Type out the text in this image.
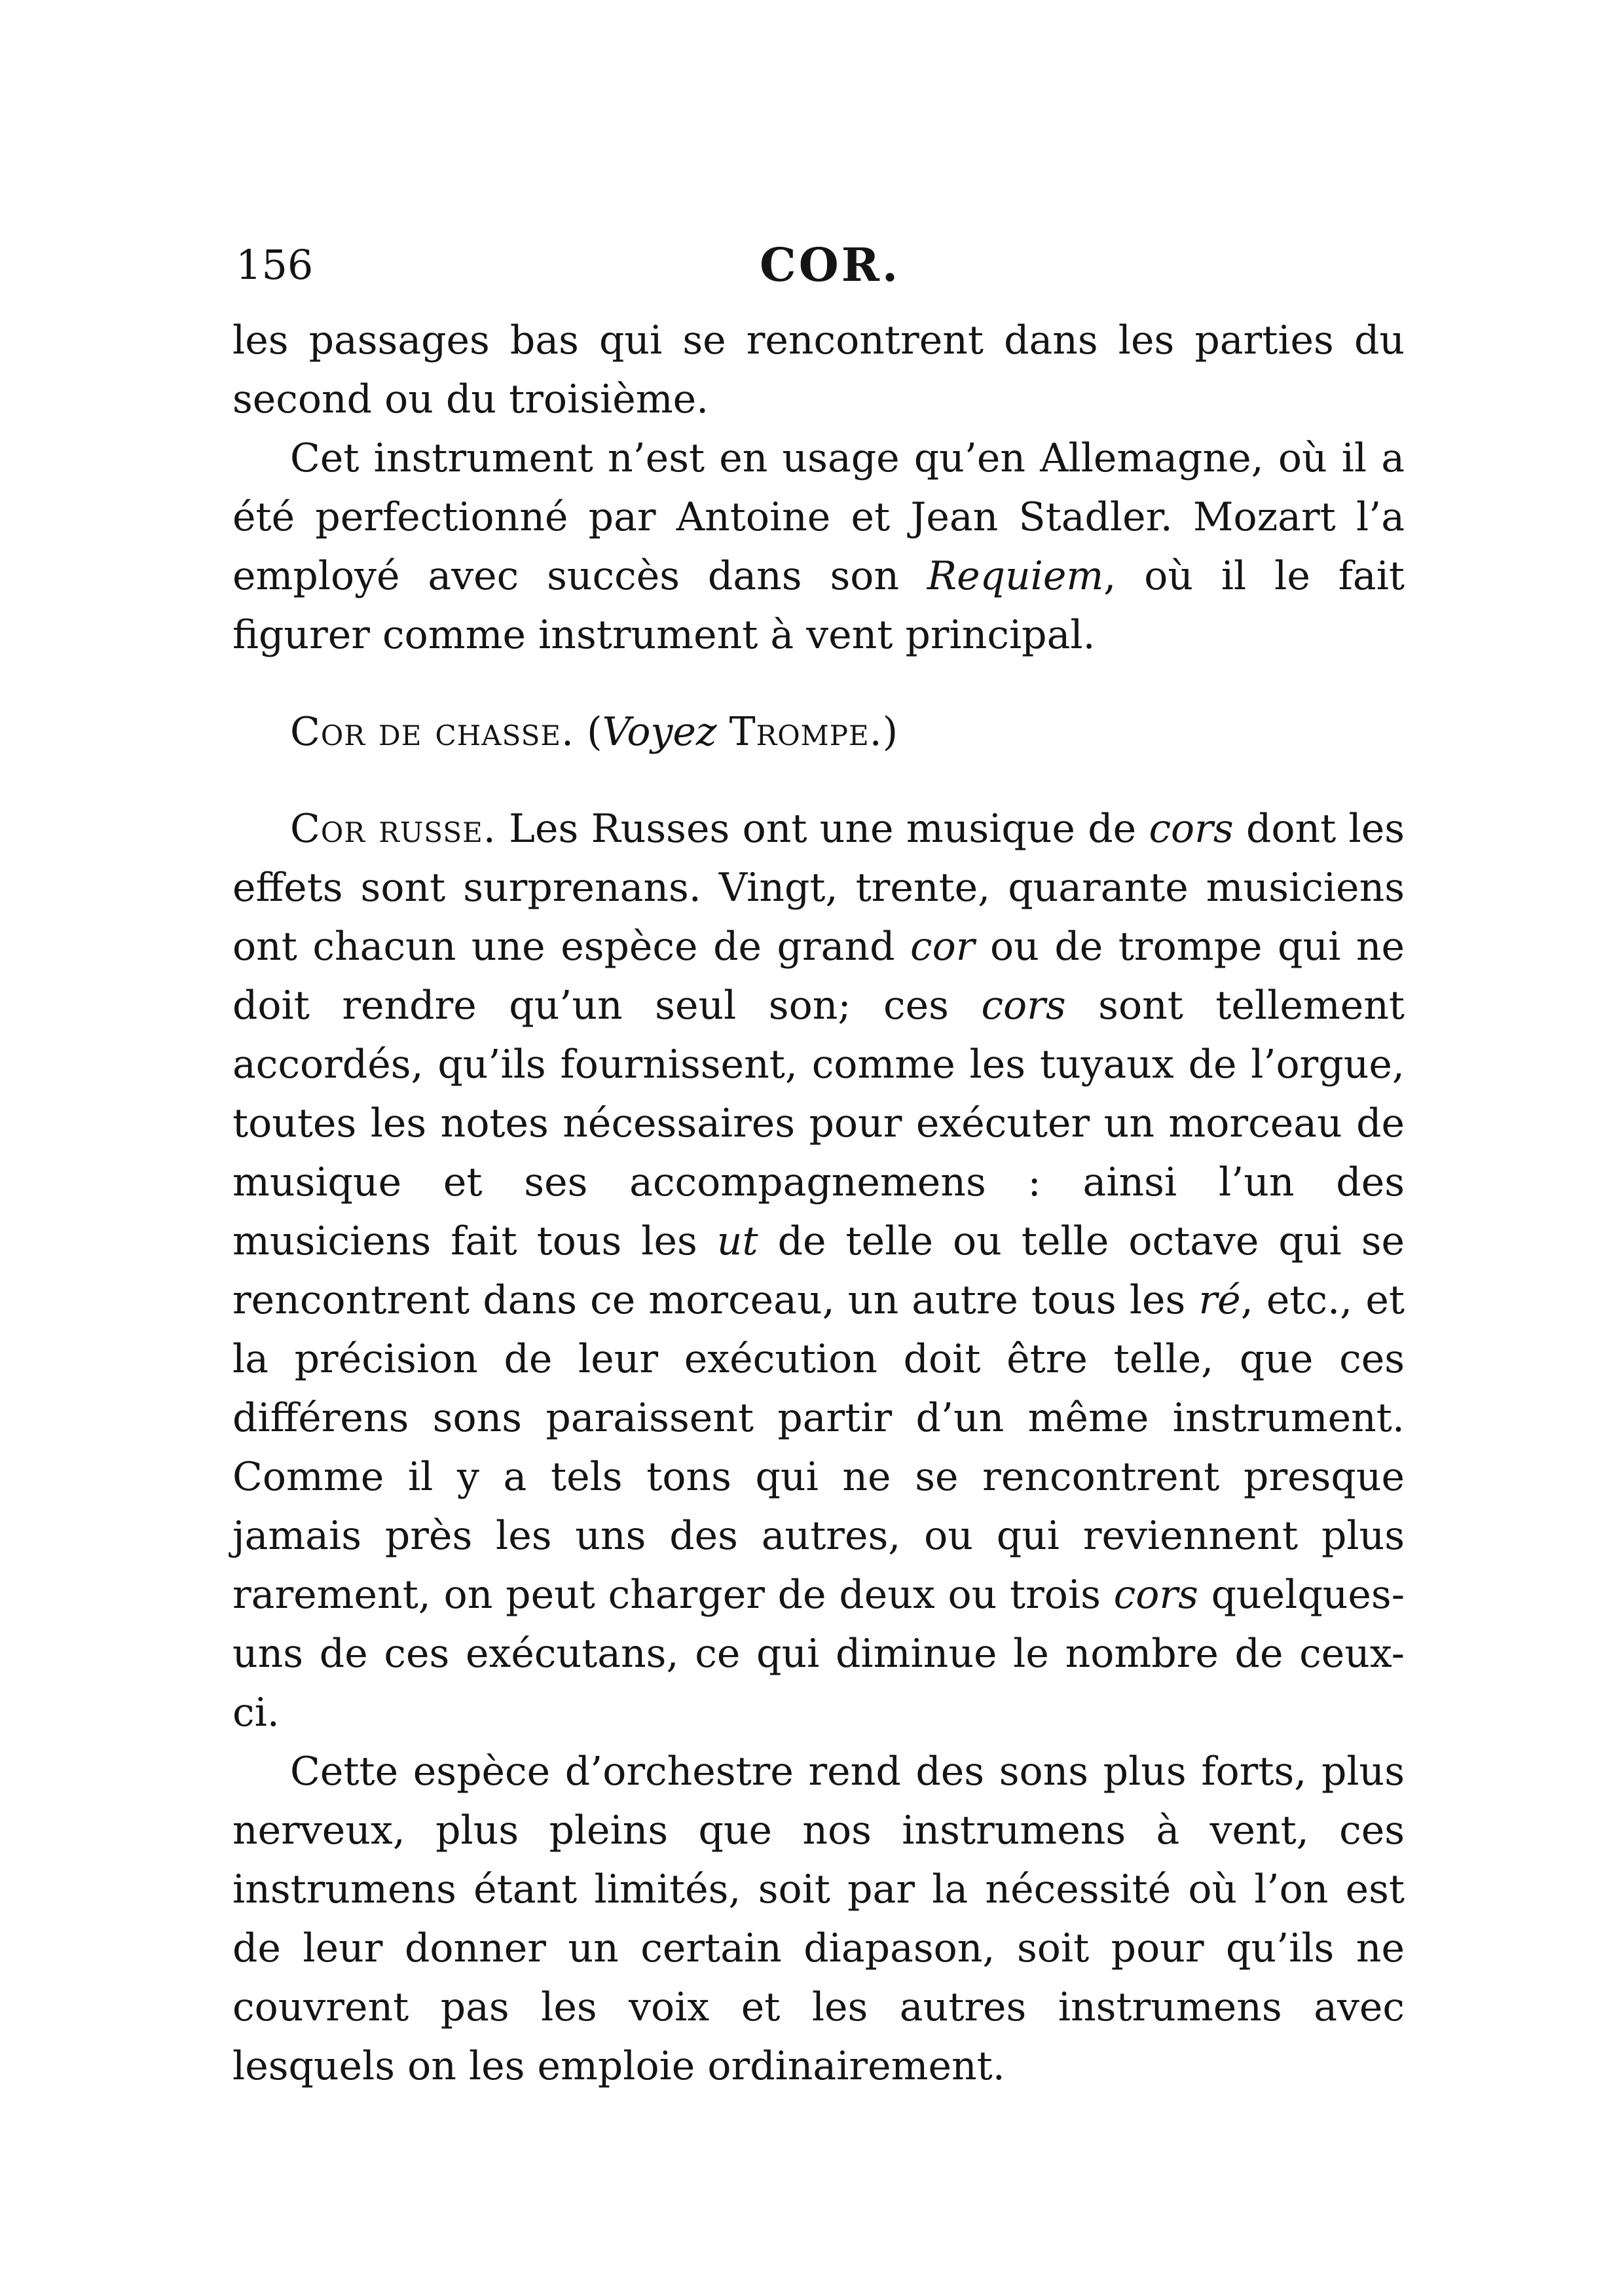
156	COR.

les passages bas qui se rencontrent dans les parties du second ou du troisième.

Cet instrument n’est en usage qu’en Allemagne, où il a été perfectionné par Antoine et Jean Stadler. Mozart l’a employé avec succès dans son Requiem, où il le fait figurer comme instrument à vent principal.

Cor de chasse. (Voyez Trompe.)

Cor russe. Les Russes ont une musique de cors dont les effets sont surprenans. Vingt, trente, quarante musiciens ont chacun une espèce de grand cor ou de trompe qui ne doit rendre qu’un seul son; ces cors sont tellement accordés, qu’ils fournissent, comme les tuyaux de l’orgue, toutes les notes nécessaires pour exécuter un morceau de musique et ses accompagnemens : ainsi l’un des musiciens fait tous les ut de telle ou telle octave qui se rencontrent dans ce morceau, un autre tous les ré, etc., et la précision de leur exécution doit être telle, que ces différens sons paraissent partir d’un même instrument. Comme il y a tels tons qui ne se rencontrent presque jamais près les uns des autres, ou qui reviennent plus rarement, on peut charger de deux ou trois cors quelques-uns de ces exécutans, ce qui diminue le nombre de ceux-ci.

Cette espèce d’orchestre rend des sons plus forts, plus nerveux, plus pleins que nos instrumens à vent, ces instrumens étant limités, soit par la nécessité où l’on est de leur donner un certain diapason, soit pour qu’ils ne couvrent pas les voix et les autres instrumens avec lesquels on les emploie ordinairement.
